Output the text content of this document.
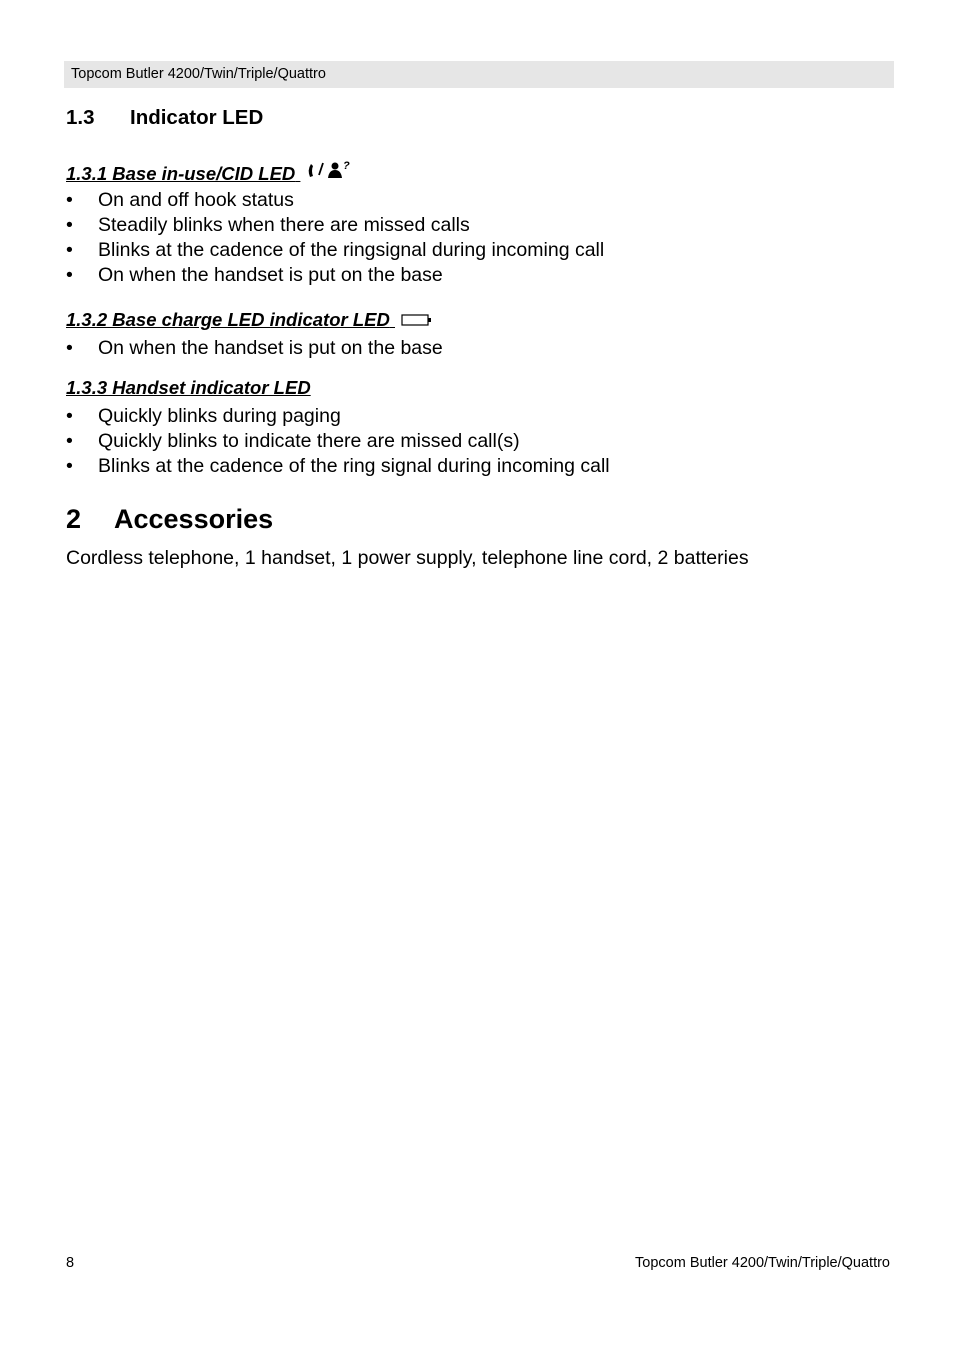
Topcom Butler 4200/Twin/Triple/Quattro
1.3 Indicator LED
1.3.1 Base in-use/CID LED	?
• On and off hook status
• Steadily blinks when there are missed calls
• Blinks at the cadence of the ringsignal during incoming call
• On when the handset is put on the base
1.3.2 Base charge LED indicator LED
• On when the handset is put on the base
1.3.3 Handset indicator LED
• Quickly blinks during paging
• Quickly blinks to indicate there are missed call(s)
• Blinks at the cadence of the ring signal during incoming call
2 Accessories
Cordless telephone, 1 handset, 1 power supply, telephone line cord, 2 batteries
8	Topcom Butler 4200/Twin/Triple/Quattro
